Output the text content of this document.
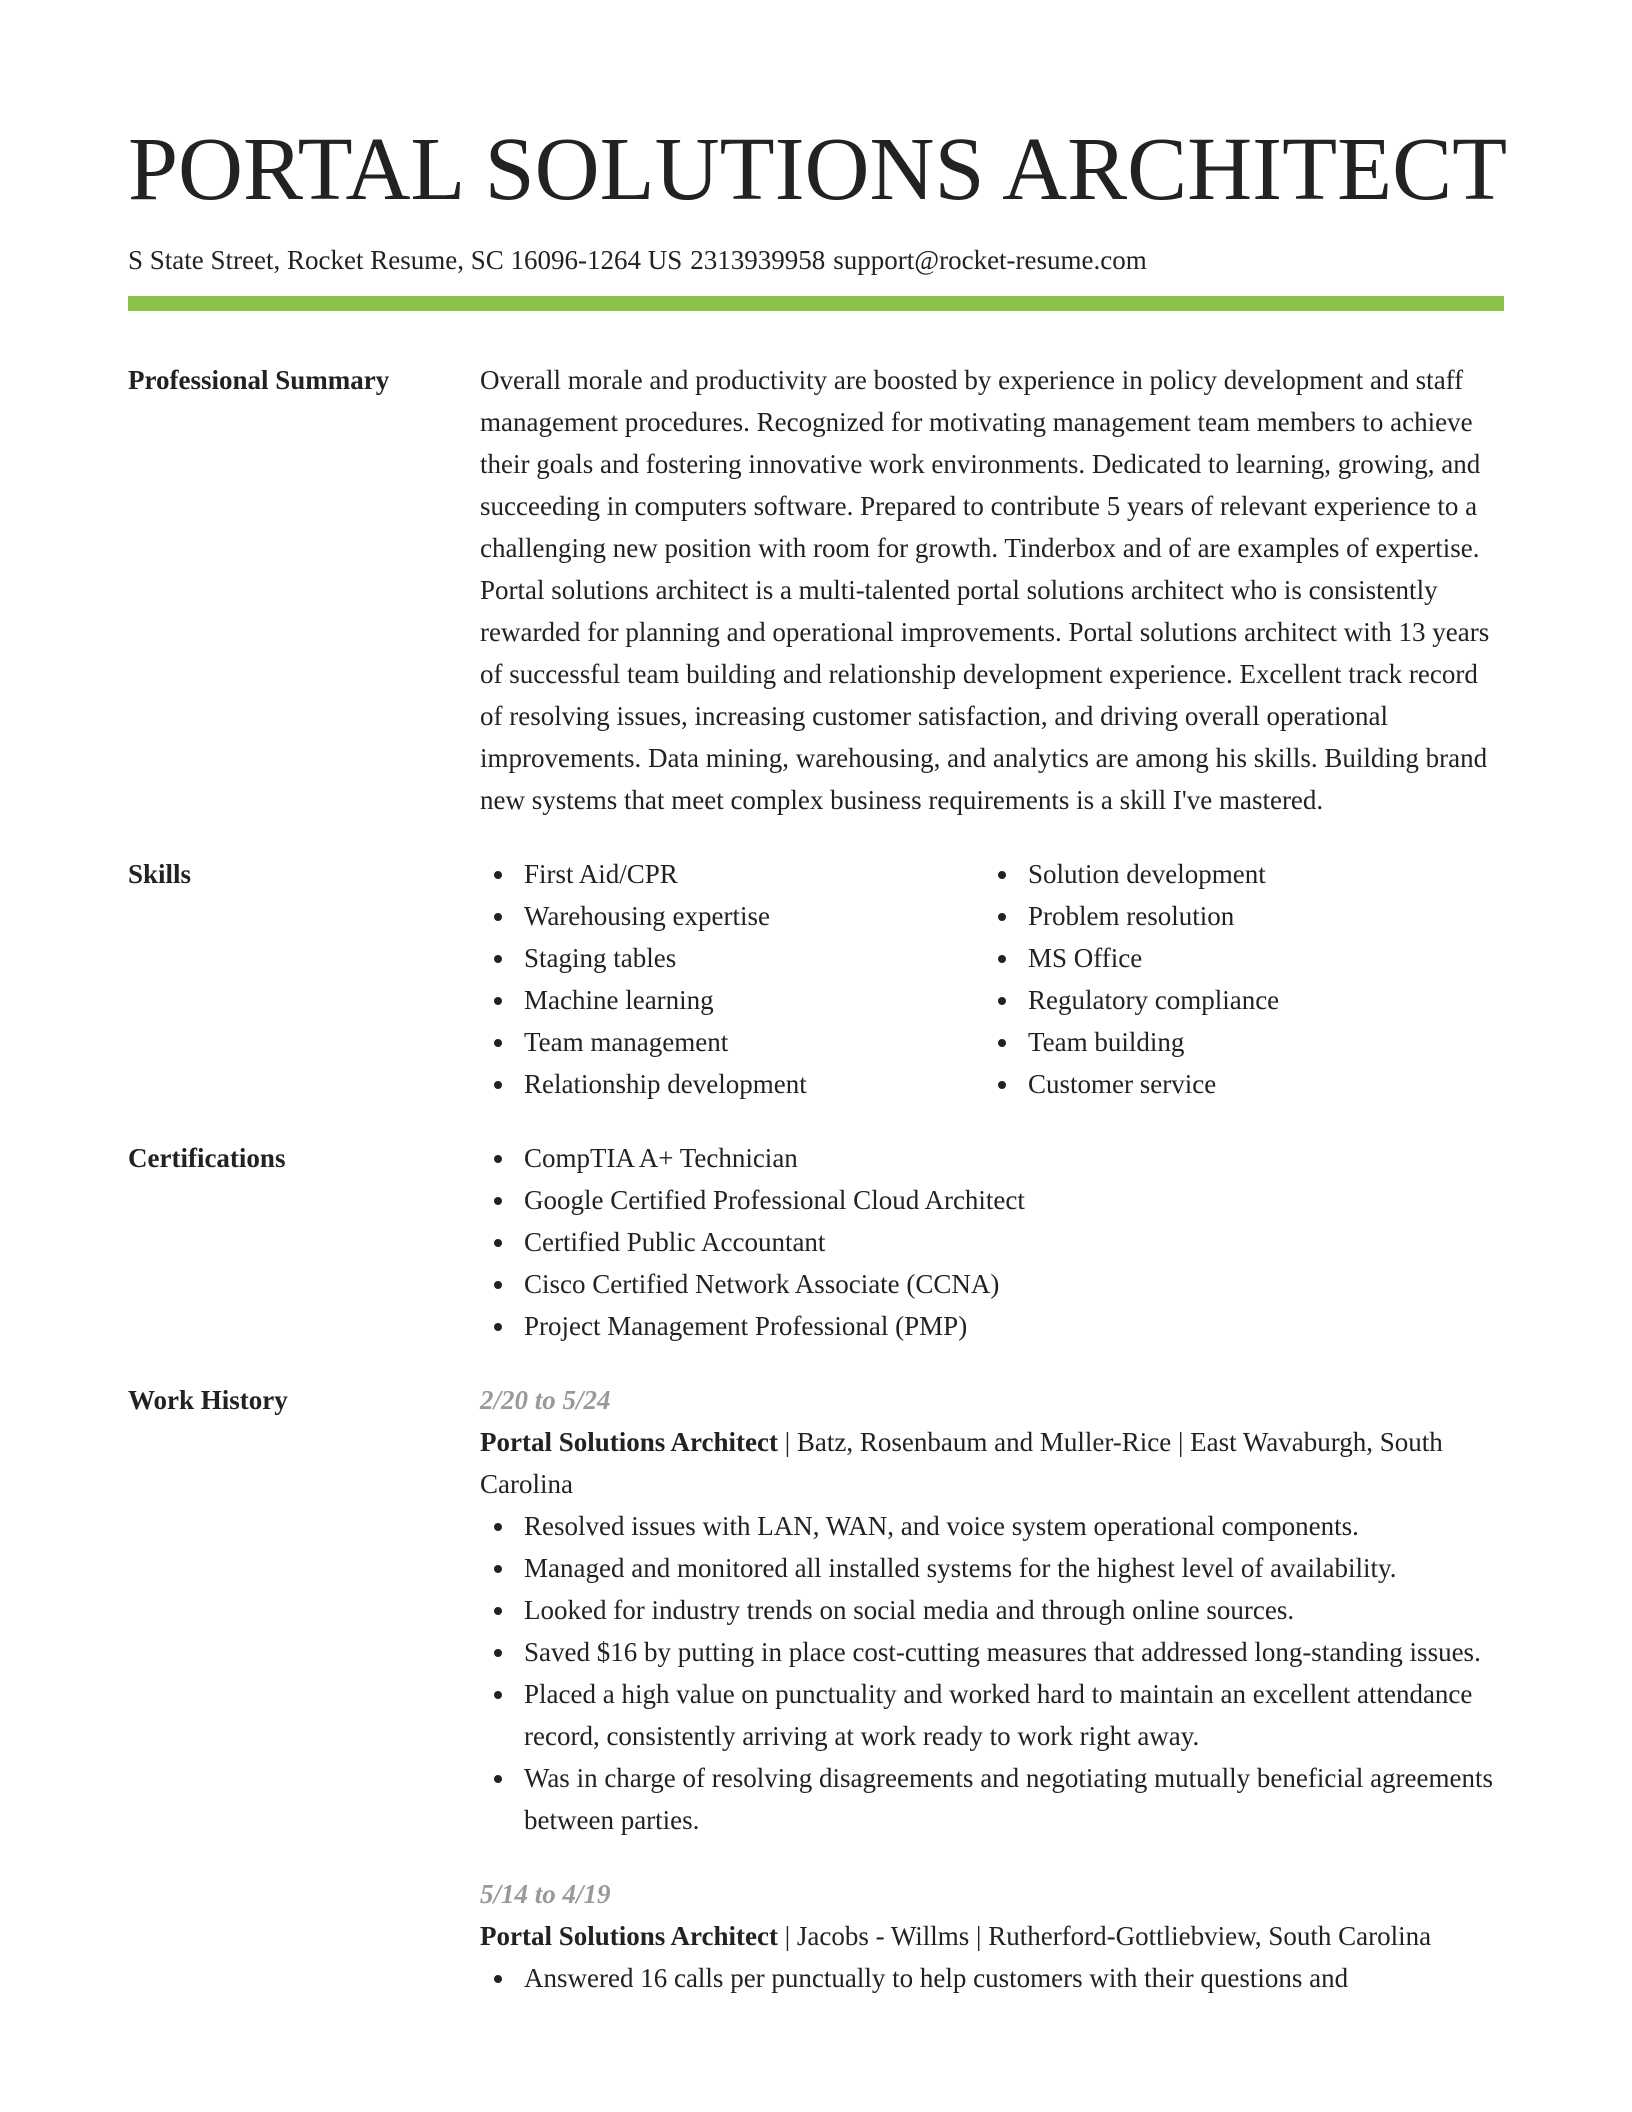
PORTAL SOLUTIONS ARCHITECT
S State Street, Rocket Resume, SC 16096-1264 US 2313939958 support@rocket-resume.com
Professional Summary	Overall morale and productivity are boosted by experience in policy development and staff management procedures. Recognized for motivating management team members to achieve their goals and fostering innovative work environments. Dedicated to learning, growing, and succeeding in computers software. Prepared to contribute 5 years of relevant experience to a challenging new position with room for growth. Tinderbox and of are examples of expertise. Portal solutions architect is a multi-talented portal solutions architect who is consistently rewarded for planning and operational improvements. Portal solutions architect with 13 years of successful team building and relationship development experience. Excellent track record of resolving issues, increasing customer satisfaction, and driving overall operational improvements. Data mining, warehousing, and analytics are among his skills. Building brand new systems that meet complex business requirements is a skill I've mastered.

Skills	First Aid/CPR
Warehousing expertise
Staging tables
Machine learning
Team management
Relationship development
Solution development
Problem resolution
MS Office
Regulatory compliance
Team building
Customer service
Certifications	CompTIA A+ Technician
Google Certified Professional Cloud Architect
Certified Public Accountant
Cisco Certified Network Associate (CCNA)
Project Management Professional (PMP)
Work History	2/20 to 5/24

Portal Solutions Architect | Batz, Rosenbaum and Muller-Rice | East Wavaburgh, South Carolina

Resolved issues with LAN, WAN, and voice system operational components.
Managed and monitored all installed systems for the highest level of availability.
Looked for industry trends on social media and through online sources.
Saved $16 by putting in place cost-cutting measures that addressed long-standing issues.
Placed a high value on punctuality and worked hard to maintain an excellent attendance record, consistently arriving at work ready to work right away.
Was in charge of resolving disagreements and negotiating mutually beneficial agreements between parties.
5/14 to 4/19

Portal Solutions Architect | Jacobs - Willms | Rutherford-Gottliebview, South Carolina

Answered 16 calls per punctually to help customers with their questions and
